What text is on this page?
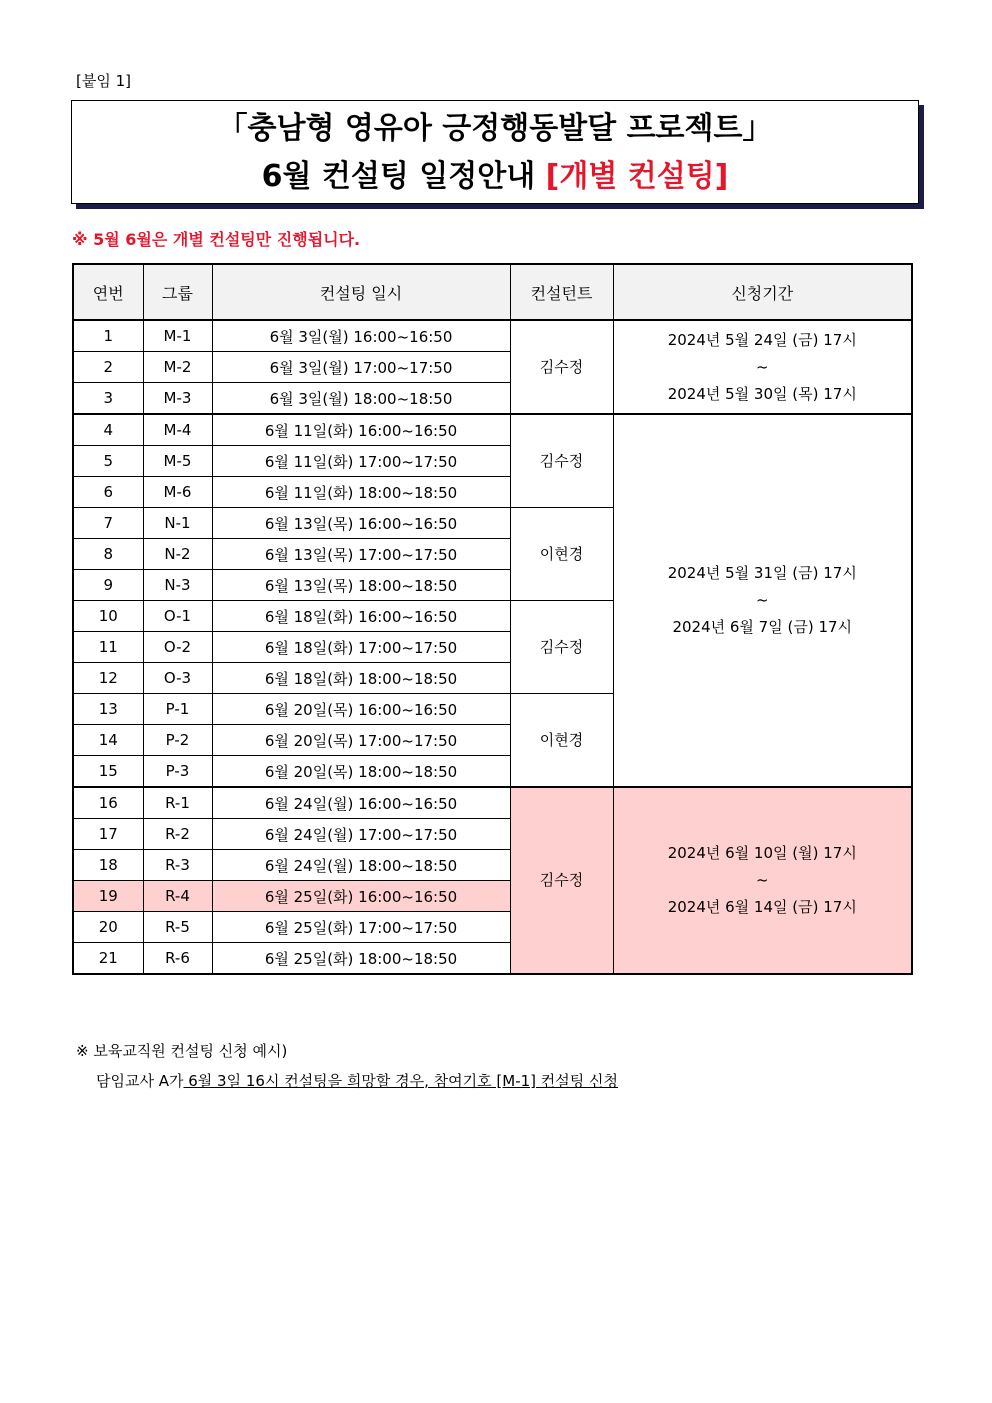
[붙임 1]
「충남형 영유아 긍정행동발달 프로젝트」
6월 컨설팅 일정안내 [개별 컨설팅]
※ 5월 6월은 개별 컨설팅만 진행됩니다.
연번	그룹	컨설팅 일시	컨설턴트	신청기간
1	M-1	6월 3일(월) 16:00~16:50	김수정	2024년 5월 24일 (금) 17시
~
2024년 5월 30일 (목) 17시

2	M-2	6월 3일(월) 17:00~17:50		
3	M-3	6월 3일(월) 18:00~18:50		
4	M-4	6월 11일(화) 16:00~16:50	김수정	2024년 5월 31일 (금) 17시
~
2024년 6월 7일 (금) 17시

5	M-5	6월 11일(화) 17:00~17:50		
6	M-6	6월 11일(화) 18:00~18:50		
7	N-1	6월 13일(목) 16:00~16:50	이현경	
8	N-2	6월 13일(목) 17:00~17:50		
9	N-3	6월 13일(목) 18:00~18:50		
10	O-1	6월 18일(화) 16:00~16:50	김수정	
11	O-2	6월 18일(화) 17:00~17:50		
12	O-3	6월 18일(화) 18:00~18:50		
13	P-1	6월 20일(목) 16:00~16:50	이현경	
14	P-2	6월 20일(목) 17:00~17:50		
15	P-3	6월 20일(목) 18:00~18:50		
16	R-1	6월 24일(월) 16:00~16:50	김수정	2024년 6월 10일 (월) 17시
~
2024년 6월 14일 (금) 17시

17	R-2	6월 24일(월) 17:00~17:50		
18	R-3	6월 24일(월) 18:00~18:50		
19	R-4	6월 25일(화) 16:00~16:50		
20	R-5	6월 25일(화) 17:00~17:50		
21	R-6	6월 25일(화) 18:00~18:50		
※ 보육교직원 컨설팅 신청 예시)
담임교사 A가 6월 3일 16시 컨설팅을 희망할 경우, 참여기호 [M-1] 컨설팅 신청
